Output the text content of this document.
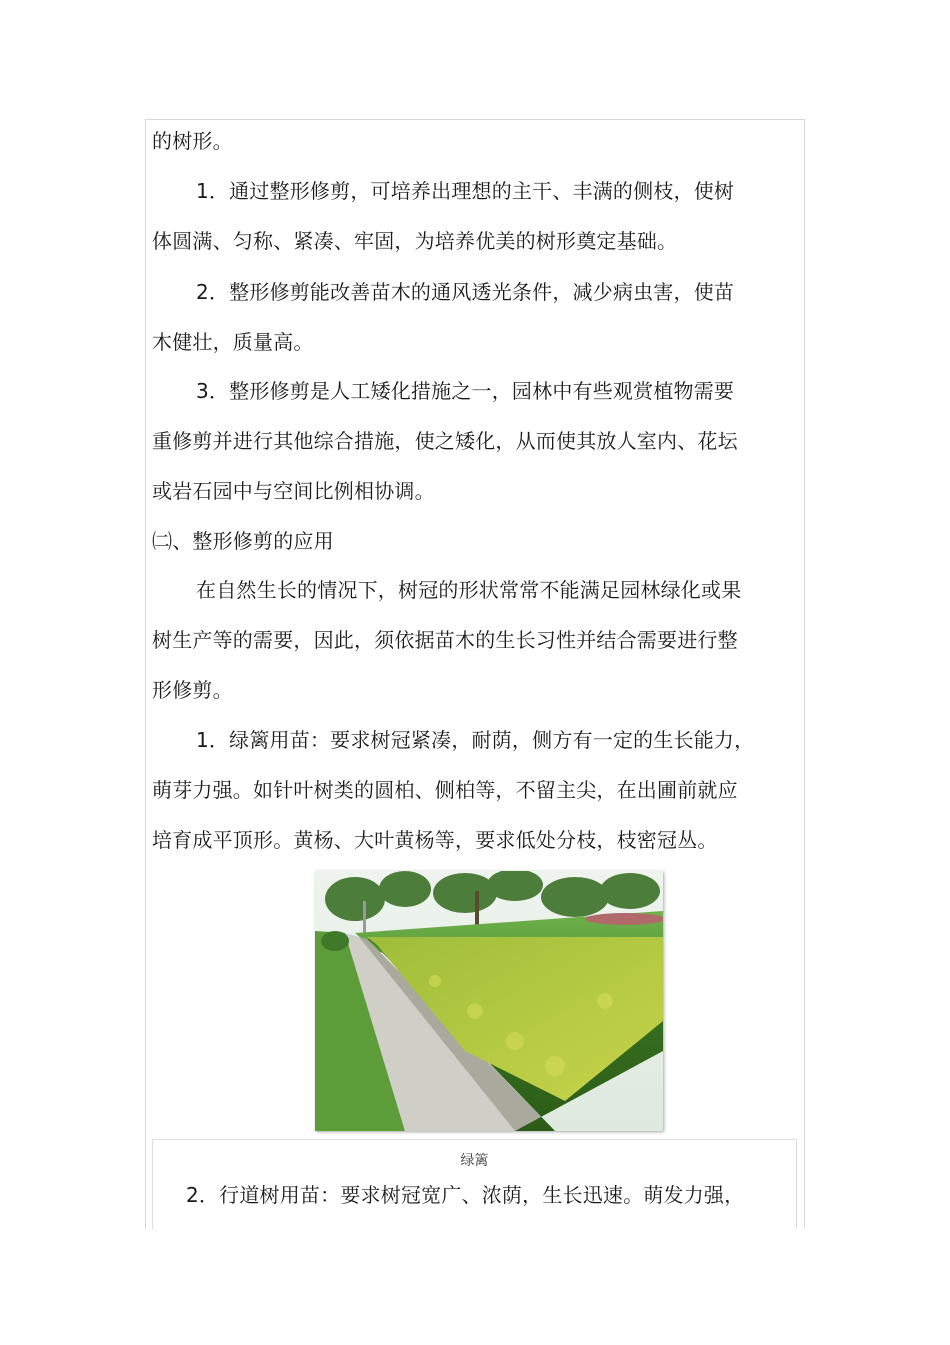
的树形。
1．通过整形修剪，可培养出理想的主干、丰满的侧枝，使树
体圆满、匀称、紧凑、牢固，为培养优美的树形奠定基础。
2．整形修剪能改善苗木的通风透光条件，减少病虫害，使苗
木健壮，质量高。
3．整形修剪是人工矮化措施之一，园林中有些观赏植物需要
重修剪并进行其他综合措施，使之矮化，从而使其放人室内、花坛
或岩石园中与空间比例相协调。
㈡、整形修剪的应用
在自然生长的情况下，树冠的形状常常不能满足园林绿化或果
树生产等的需要，因此，须依据苗木的生长习性并结合需要进行整
形修剪。
1．绿篱用苗：要求树冠紧凑，耐荫，侧方有一定的生长能力，
萌芽力强。如针叶树类的圆柏、侧柏等，不留主尖，在出圃前就应
培育成平顶形。黄杨、大叶黄杨等，要求低处分枝，枝密冠丛。
绿篱
2．行道树用苗：要求树冠宽广、浓荫，生长迅速。萌发力强，
